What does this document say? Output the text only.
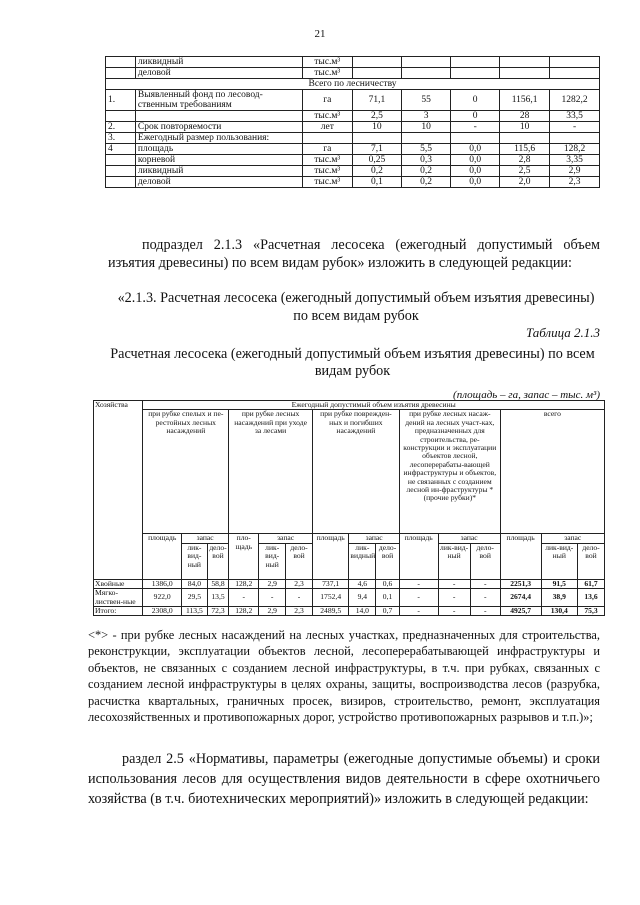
21
	ликвидный	тыс.м³					
	деловой	тыс.м³					
Всего по лесничеству							
1.	Выявленный фонд по лесовод-ственным требованиям	га	71,1	55	0	1156,1	1282,2
		тыс.м³	2,5	3	0	28	33,5
2.	Срок повторяемости	лет	10	10	-	10	-
3.	Ежегодный размер пользования:						
4	площадь	га	7,1	5,5	0,0	115,6	128,2
	корневой	тыс.м³	0,25	0,3	0,0	2,8	3,35
	ликвидный	тыс.м³	0,2	0,2	0,0	2,5	2,9
	деловой	тыс.м³	0,1	0,2	0,0	2,0	2,3
подраздел 2.1.3 «Расчетная лесосека (ежегодный допустимый объем изъятия древесины) по всем видам рубок» изложить в следующей редакции:
«2.1.3. Расчетная лесосека (ежегодный допустимый объем изъятия древесины) по всем видам рубок
Таблица 2.1.3
Расчетная лесосека (ежегодный допустимый объем изъятия древесины) по всем видам рубок
(площадь – га, запас – тыс. м³)
Хозяйства	Ежегодный допустимый объем изъятия древесины														
	при рубке спелых и пе-рестойных лесных насаждений			при рубке лесных насаждений при уходе за лесами			при рубке поврежден-ных и погибших насаждений			при рубке лесных насаж-дений на лесных участ-ках, предназначенных для строительства, ре-конструкции и эксплуатации объектов лесной, лесоперерабаты-вающей инфраструктуры и объектов, не связанных с созданием лесной ин-фраструктуры * (прочие рубки)*			всего		
	площадь	запас		пло-щадь	запас		площадь	запас		площадь	запас		площадь	запас	
		лик-вид-ный	дело-вой		лик-вид-ный	дело-вой		лик-видный	дело-вой		лик-вид-ный	дело-вой		лик-вид-ный	дело-вой
Хвойные	1386,0	84,0	58,8	128,2	2,9	2,3	737,1	4,6	0,6	-	-	-	2251,3	91,5	61,7
Мягко-листвен-ные	922,0	29,5	13,5	-	-	-	1752,4	9,4	0,1	-	-	-	2674,4	38,9	13,6
Итого:	2308,0	113,5	72,3	128,2	2,9	2,3	2489,5	14,0	0,7	-	-	-	4925,7	130,4	75,3
<*> - при рубке лесных насаждений на лесных участках, предназначенных для строительства, реконструкции, эксплуатации объектов лесной, лесоперерабатывающей инфраструктуры и объектов, не связанных с созданием лесной инфраструктуры, в т.ч. при рубках, связанных с созданием лесной инфраструктуры в целях охраны, защиты, воспроизводства лесов (разрубка, расчистка квартальных, граничных просек, визиров, строительство, ремонт, эксплуатация лесохозяйственных и противопожарных дорог, устройство противопожарных разрывов и т.п.)»;
раздел 2.5 «Нормативы, параметры (ежегодные допустимые объемы) и сроки использования лесов для осуществления видов деятельности в сфере охотничьего хозяйства (в т.ч. биотехнических мероприятий)» изложить в следующей редакции:
